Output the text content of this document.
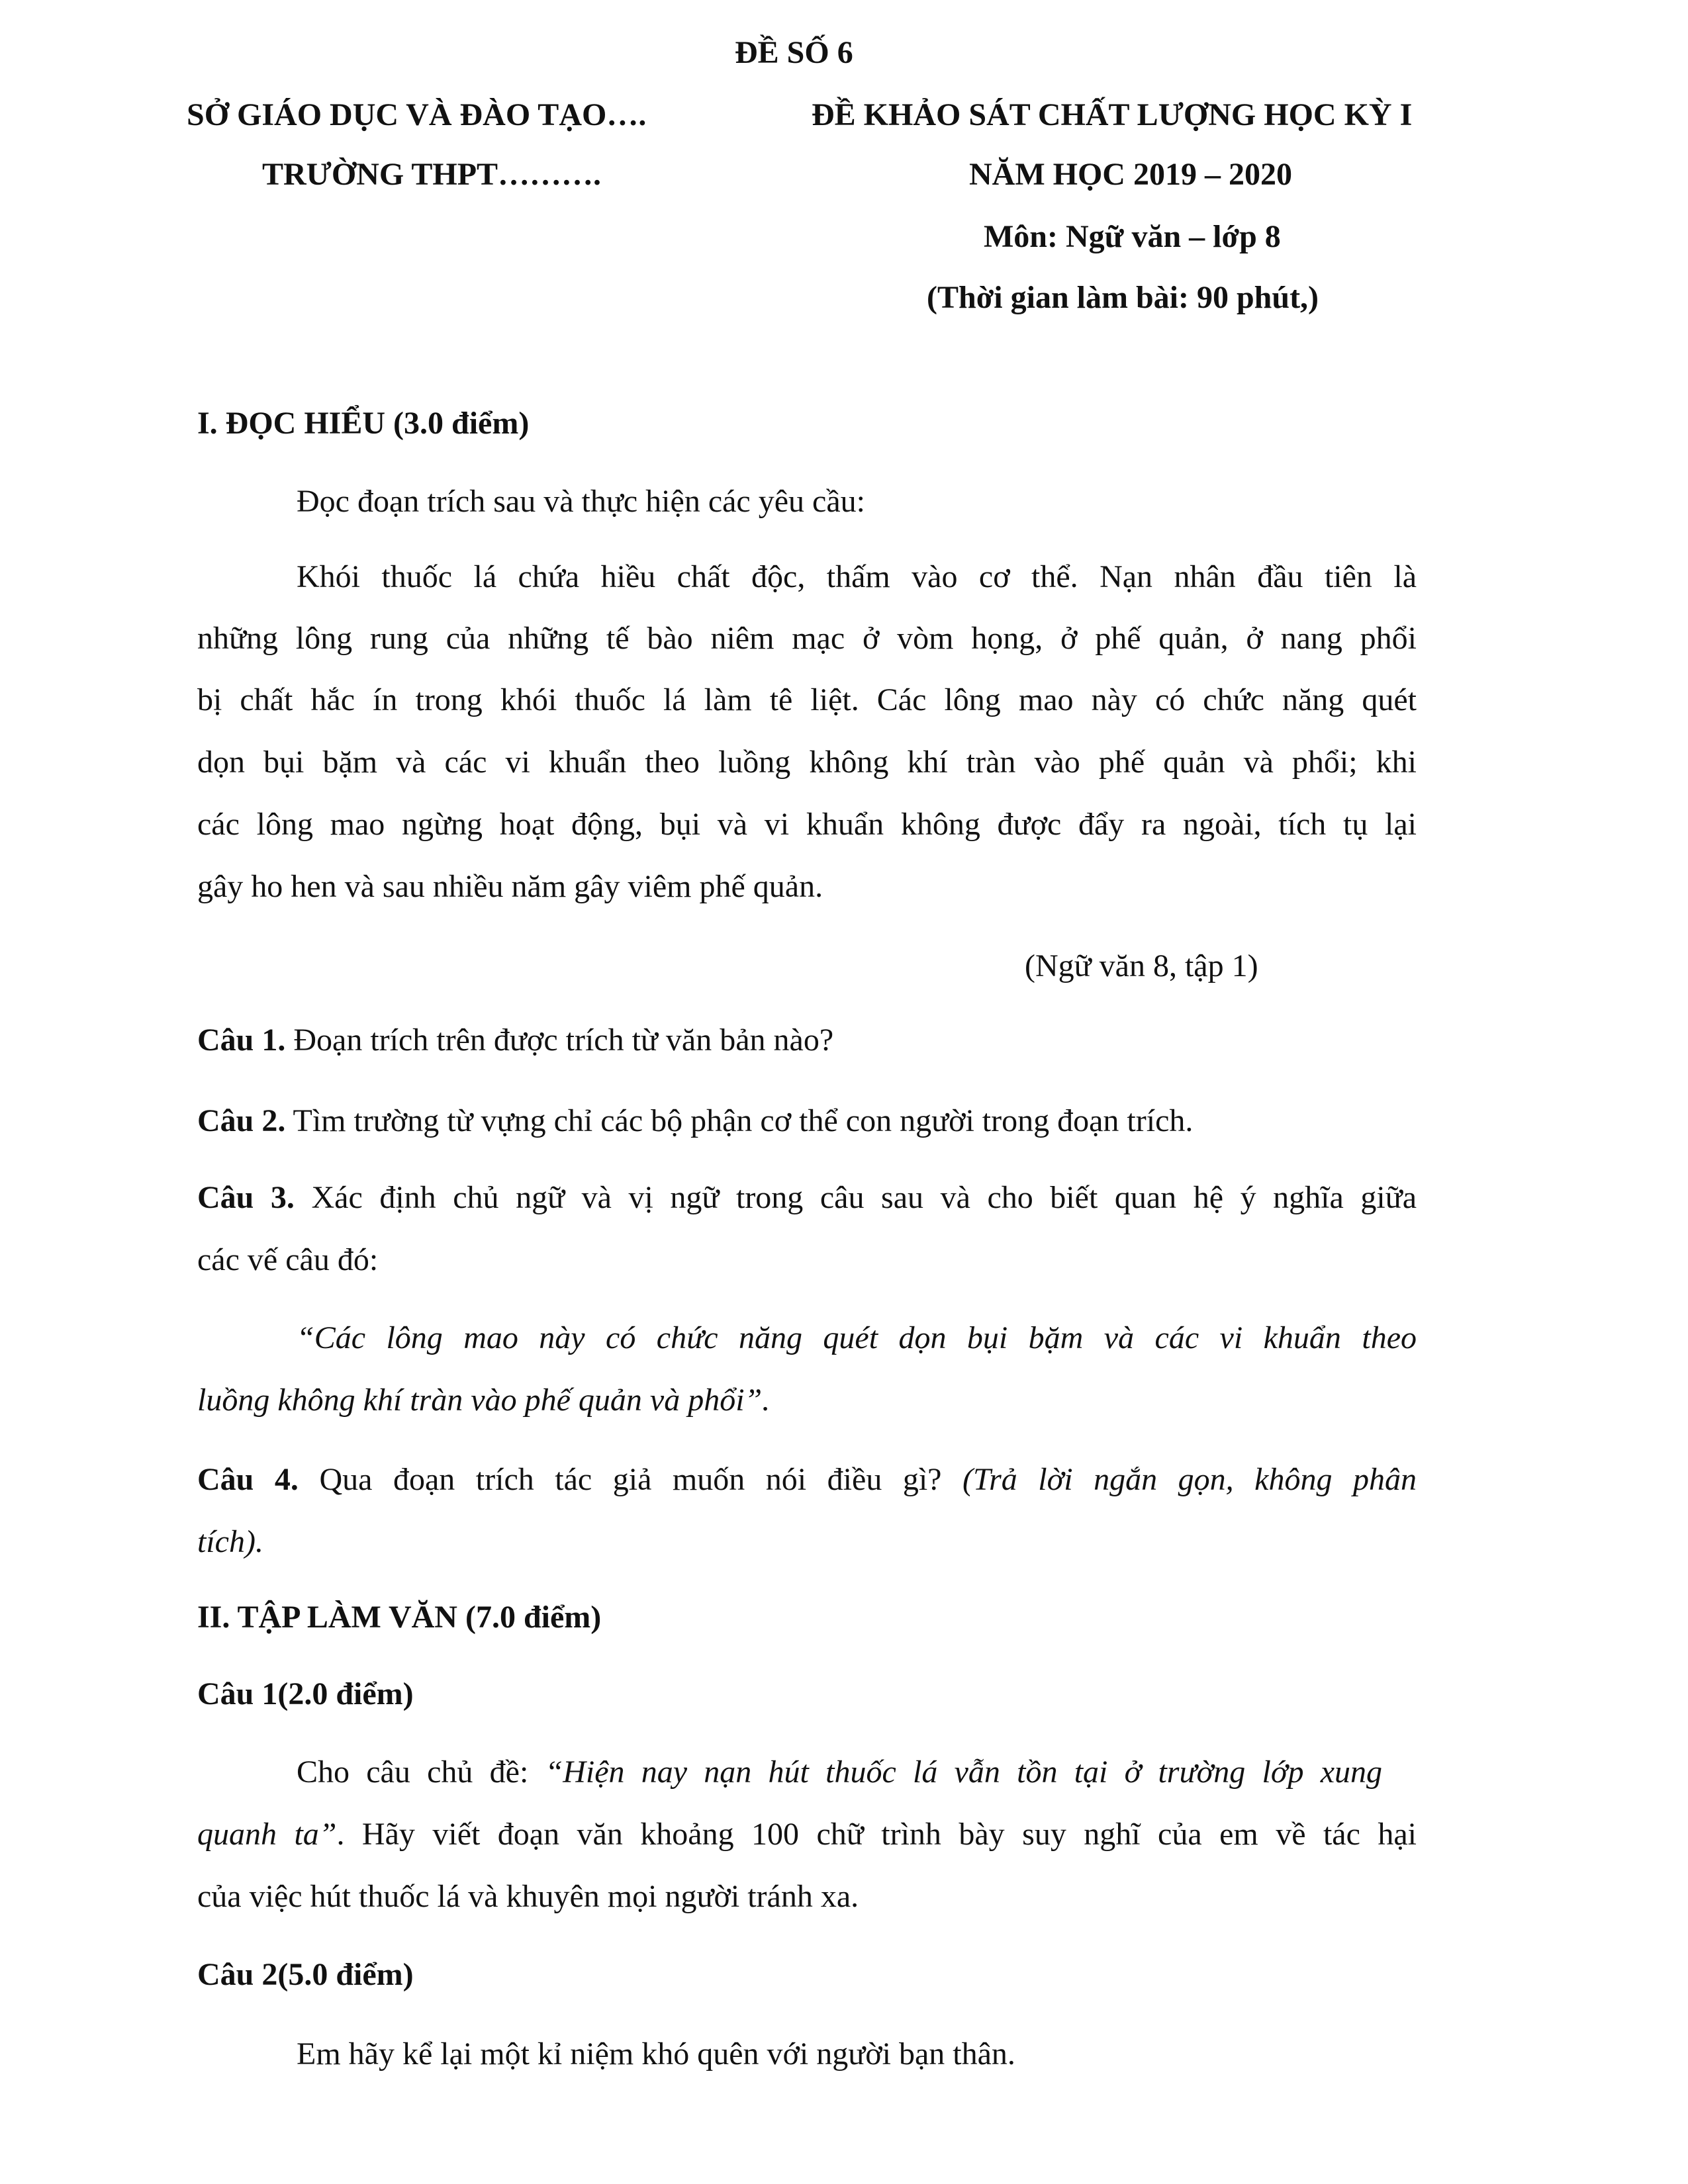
ĐỀ SỐ 6
SỞ GIÁO DỤC VÀ ĐÀO TẠO….	ĐỀ KHẢO SÁT CHẤT LƯỢNG HỌC KỲ I
TRƯỜNG THPT……….	NĂM HỌC 2019 – 2020
Môn: Ngữ văn – lớp 8
(Thời gian làm bài: 90 phút,)
I. ĐỌC HIỂU (3.0 điểm)
Đọc đoạn trích sau và thực hiện các yêu cầu:
Khói thuốc lá chứa hiều chất độc, thấm vào cơ thể. Nạn nhân đầu tiên là
những lông rung của những tế bào niêm mạc ở vòm họng, ở phế quản, ở nang phổi
bị chất hắc ín trong khói thuốc lá làm tê liệt. Các lông mao này có chức năng quét
dọn bụi bặm và các vi khuẩn theo luồng không khí tràn vào phế quản và phổi; khi
các lông mao ngừng hoạt động, bụi và vi khuẩn không được đẩy ra ngoài, tích tụ lại
gây ho hen và sau nhiều năm gây viêm phế quản.
(Ngữ văn 8, tập 1)
Câu 1. Đoạn trích trên được trích từ văn bản nào?
Câu 2. Tìm trường từ vựng chỉ các bộ phận cơ thể con người trong đoạn trích.
Câu 3. Xác định chủ ngữ và vị ngữ trong câu sau và cho biết quan hệ ý nghĩa giữa
các vế câu đó:
“Các lông mao này có chức năng quét dọn bụi bặm và các vi khuẩn theo
luồng không khí tràn vào phế quản và phổi”.
Câu 4. Qua đoạn trích tác giả muốn nói điều gì? (Trả lời ngắn gọn, không phân
tích).
II. TẬP LÀM VĂN (7.0 điểm)
Câu 1(2.0 điểm)
Cho câu chủ đề: “Hiện nay nạn hút thuốc lá vẫn tồn tại ở trường lớp xung
quanh ta”. Hãy viết đoạn văn khoảng 100 chữ trình bày suy nghĩ của em về tác hại
của việc hút thuốc lá và khuyên mọi người tránh xa.
Câu 2(5.0 điểm)
Em hãy kể lại một kỉ niệm khó quên với người bạn thân.
